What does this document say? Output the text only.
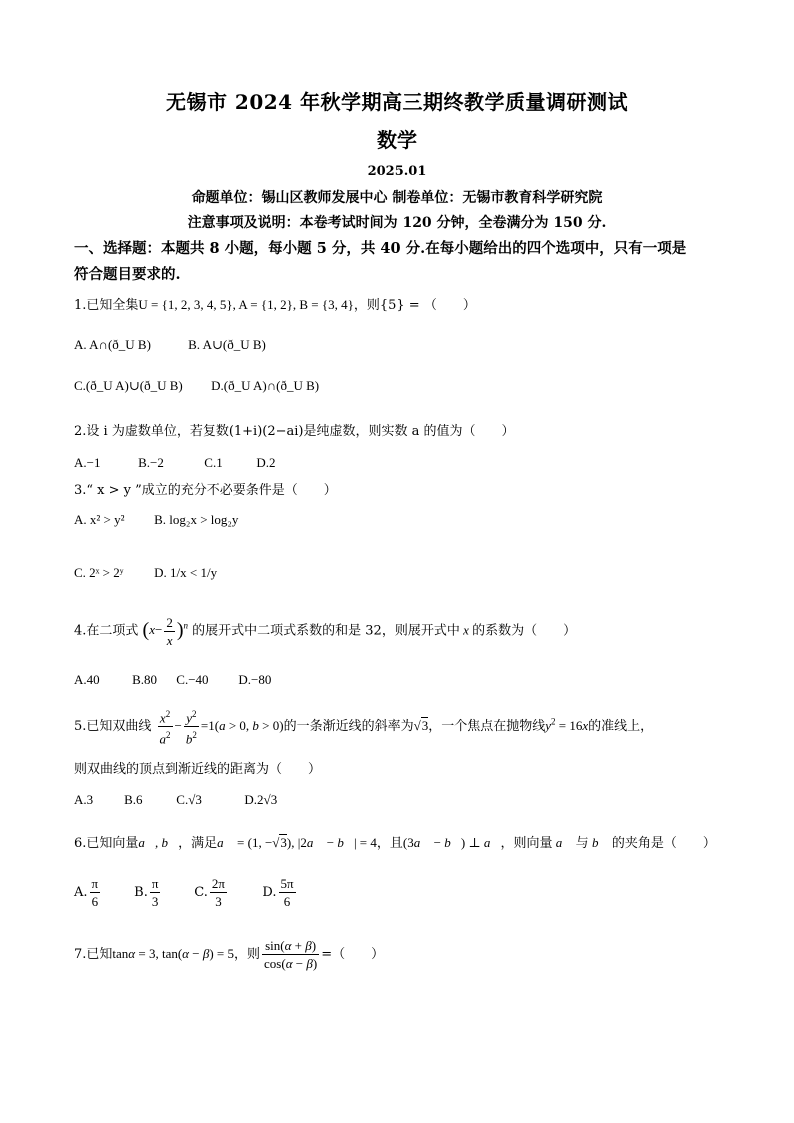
无锡市 2024 年秋学期高三期终教学质量调研测试
数学
2025.01
命题单位：锡山区教师发展中心 制卷单位：无锡市教育科学研究院
注意事项及说明：本卷考试时间为 120 分钟，全卷满分为 150 分.
一、选择题：本题共 8 小题，每小题 5 分，共 40 分.在每小题给出的四个选项中，只有一项是
符合题目要求的.
1.已知全集U = {1, 2, 3, 4, 5}, A = {1, 2}, B = {3, 4}，则{5} = （　　）
A. A∩(ð_U B)	B. A∪(ð_U B)
C.(ð_U A)∪(ð_U B) D.(ð_U A)∩(ð_U B)
2.设 i 为虚数单位，若复数(1+i)(2−ai)是纯虚数，则实数 a 的值为（　　）
A.−1	B.−2	C.1	D.2
3.“ x > y ”成立的充分不必要条件是（　　）
A. x² > y² B. log₂x > log₂y
C. 2ˣ > 2ʸ D. 1/x < 1/y
4.在二项式 $(x- \frac{2}{x} )^n$ 的展开式中二项式系数的和是 32，则展开式中 x 的系数为（　　）
A.40	B.80 C.−40 D.−80
5.已知双曲线 $\frac{x^2}{a^2} - \frac{y^2}{b^2} =1(a > 0$, b > 0)的一条渐近线的斜率为√3，一个焦点在抛物线$y^2 = 16x$的准线上，
则双曲线的顶点到渐近线的距离为（　　）
A.3 B.6	C.√3	D.2√3
6.已知向量a⃗, b⃗，满足a⃗ = (1, −√3), |2a⃗ − b⃗| = 4，且(3a⃗ − b⃗) ⊥ a⃗，则向量 a⃗ 与 b⃗ 的夹角是（　　）
A. $\frac{\pi}{6}$	B. $\frac{\pi}{3}$	C. $\frac{2\pi}{3}$	D. $\frac{5\pi}{6}$
7.已知tanα = 3, tan(α − β) = 5，则 $\frac{\sin(\alpha + \beta)}{\cos(\alpha - \beta)}$ =（　　）
